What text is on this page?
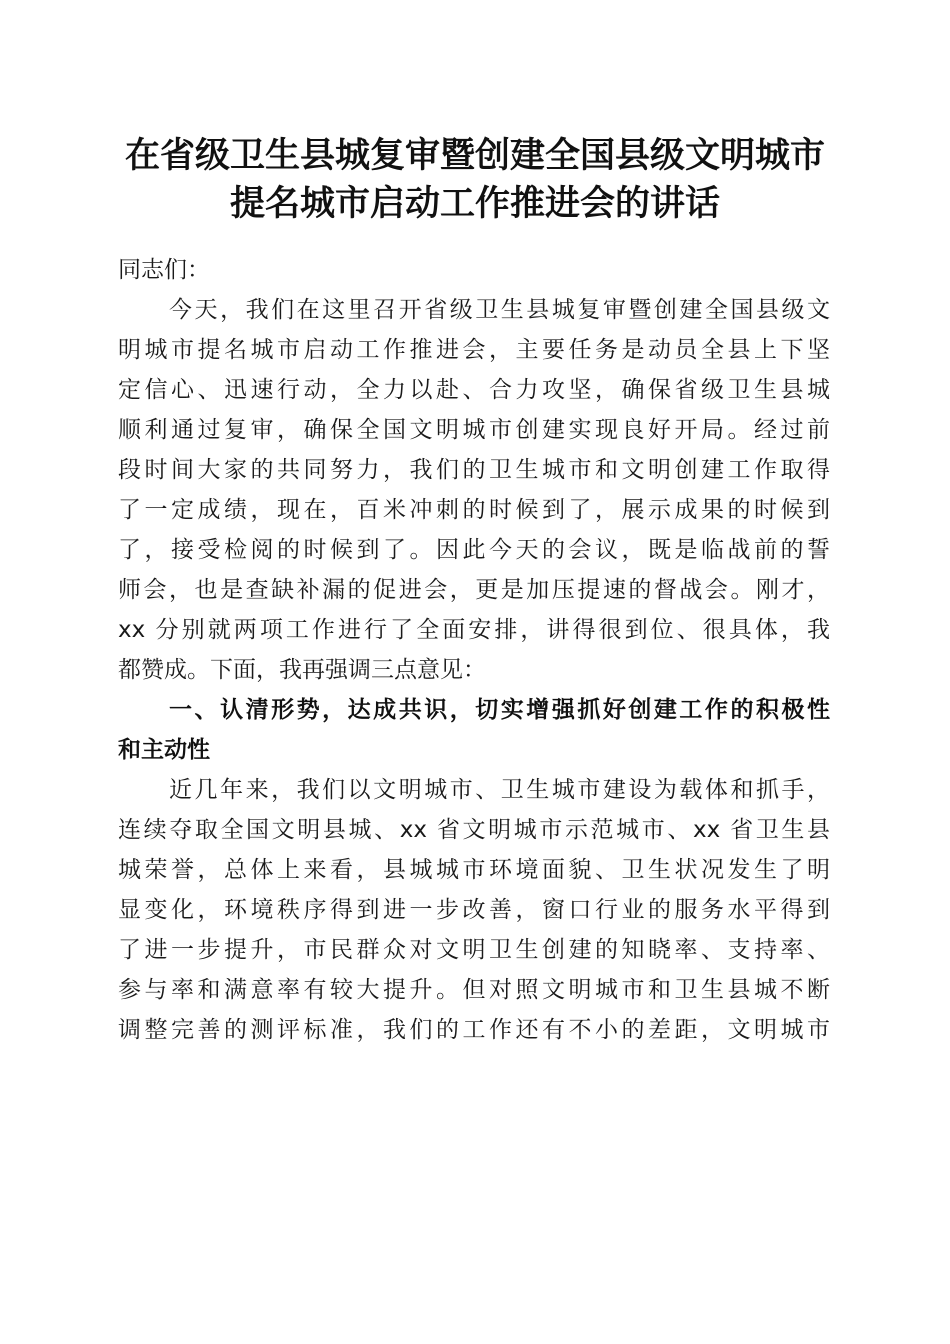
在省级卫生县城复审暨创建全国县级文明城市
提名城市启动工作推进会的讲话

同志们：

　　今天，我们在这里召开省级卫生县城复审暨创建全国县级文
明城市提名城市启动工作推进会，主要任务是动员全县上下坚
定信心、迅速行动，全力以赴、合力攻坚，确保省级卫生县城
顺利通过复审，确保全国文明城市创建实现良好开局。经过前
段时间大家的共同努力，我们的卫生城市和文明创建工作取得
了一定成绩，现在，百米冲刺的时候到了，展示成果的时候到
了，接受检阅的时候到了。因此今天的会议，既是临战前的誓
师会，也是查缺补漏的促进会，更是加压提速的督战会。刚才，
xx 分别就两项工作进行了全面安排，讲得很到位、很具体，我
都赞成。下面，我再强调三点意见：

　　一、认清形势，达成共识，切实增强抓好创建工作的积极性
和主动性

　　近几年来，我们以文明城市、卫生城市建设为载体和抓手，
连续夺取全国文明县城、xx 省文明城市示范城市、xx 省卫生县
城荣誉，总体上来看，县城城市环境面貌、卫生状况发生了明
显变化，环境秩序得到进一步改善，窗口行业的服务水平得到
了进一步提升，市民群众对文明卫生创建的知晓率、支持率、
参与率和满意率有较大提升。但对照文明城市和卫生县城不断
调整完善的测评标准，我们的工作还有不小的差距，文明城市
